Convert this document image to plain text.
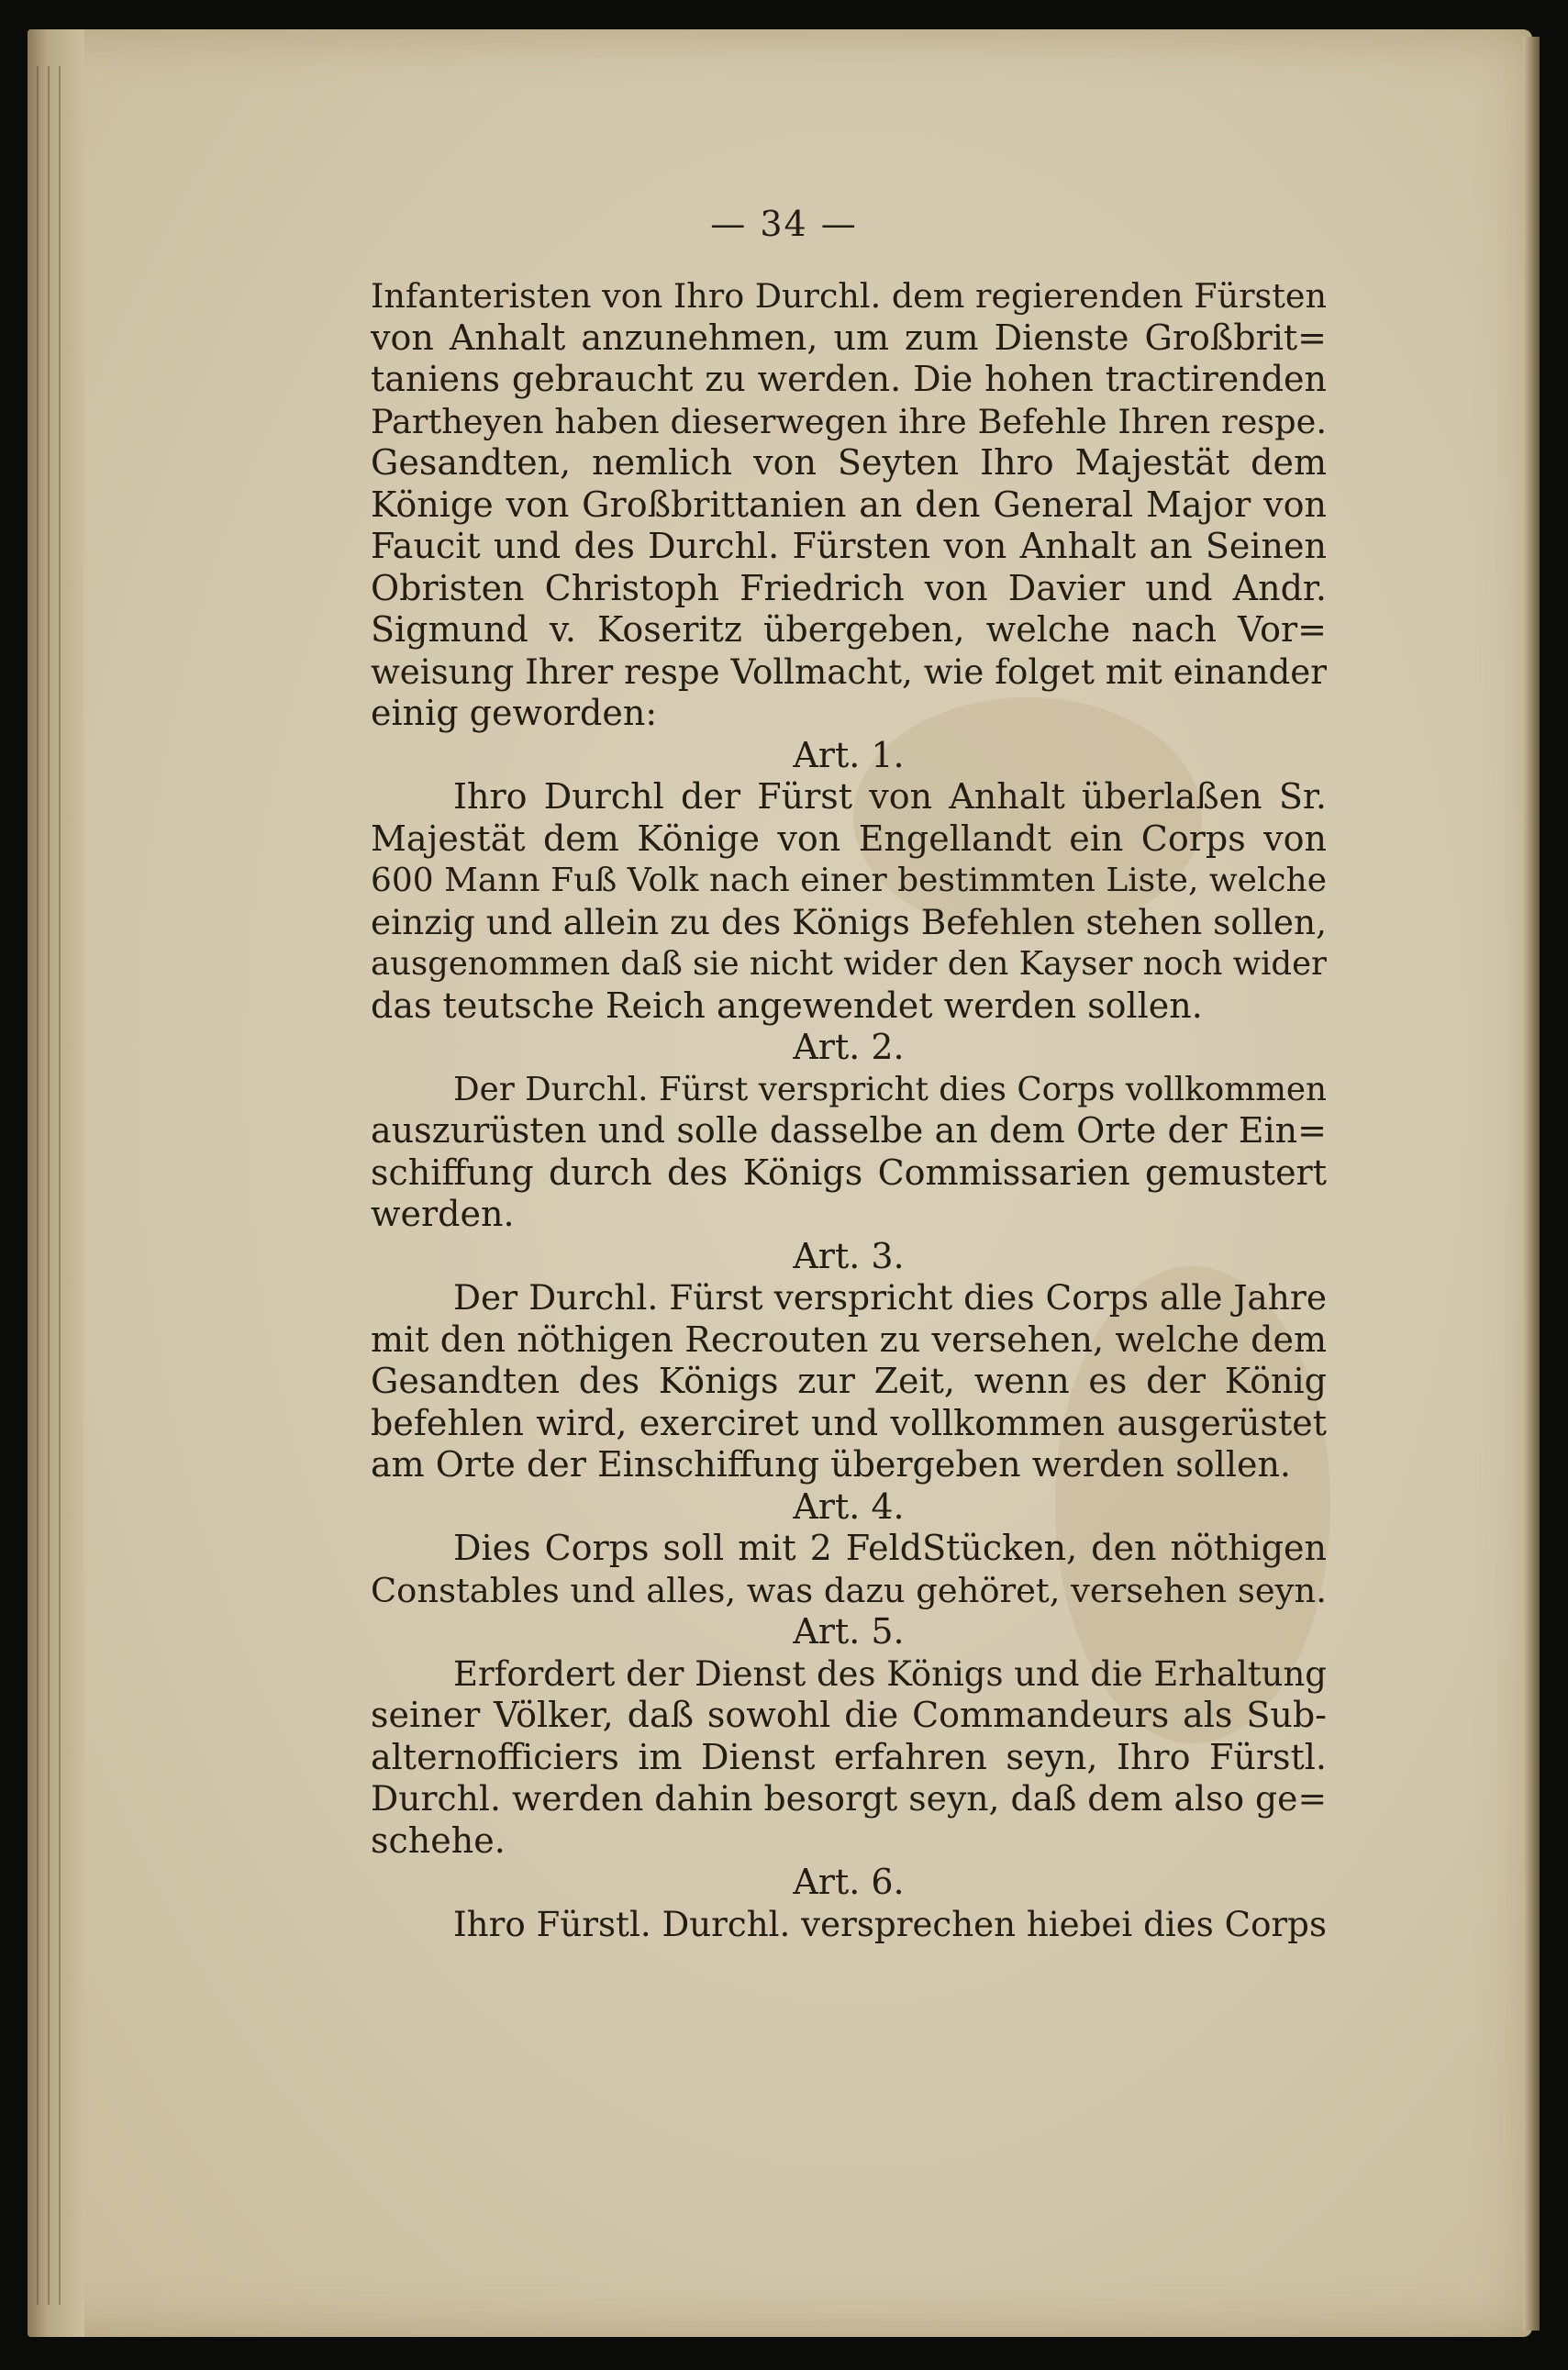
— 34 —
Infanteristen von Ihro Durchl. dem regierenden Fürsten
von Anhalt anzunehmen, um zum Dienste Großbrit=
taniens gebraucht zu werden. Die hohen tractirenden
Partheyen haben dieserwegen ihre Befehle Ihren respe.
Gesandten, nemlich von Seyten Ihro Majestät dem
Könige von Großbrittanien an den General Major von
Faucit und des Durchl. Fürsten von Anhalt an Seinen
Obristen Christoph Friedrich von Davier und Andr.
Sigmund v. Koseritz übergeben, welche nach Vor=
weisung Ihrer respe Vollmacht, wie folget mit einander
einig geworden:
Art. 1.
Ihro Durchl der Fürst von Anhalt überlaßen Sr.
Majestät dem Könige von Engellandt ein Corps von
600 Mann Fuß Volk nach einer bestimmten Liste, welche
einzig und allein zu des Königs Befehlen stehen sollen,
ausgenommen daß sie nicht wider den Kayser noch wider
das teutsche Reich angewendet werden sollen.
Art. 2.
Der Durchl. Fürst verspricht dies Corps vollkommen
auszurüsten und solle dasselbe an dem Orte der Ein=
schiffung durch des Königs Commissarien gemustert
werden.
Art. 3.
Der Durchl. Fürst verspricht dies Corps alle Jahre
mit den nöthigen Recrouten zu versehen, welche dem
Gesandten des Königs zur Zeit, wenn es der König
befehlen wird, exerciret und vollkommen ausgerüstet
am Orte der Einschiffung übergeben werden sollen.
Art. 4.
Dies Corps soll mit 2 FeldStücken, den nöthigen
Constables und alles, was dazu gehöret, versehen seyn.
Art. 5.
Erfordert der Dienst des Königs und die Erhaltung
seiner Völker, daß sowohl die Commandeurs als Sub-
alternofficiers im Dienst erfahren seyn, Ihro Fürstl.
Durchl. werden dahin besorgt seyn, daß dem also ge=
schehe.
Art. 6.
Ihro Fürstl. Durchl. versprechen hiebei dies Corps
